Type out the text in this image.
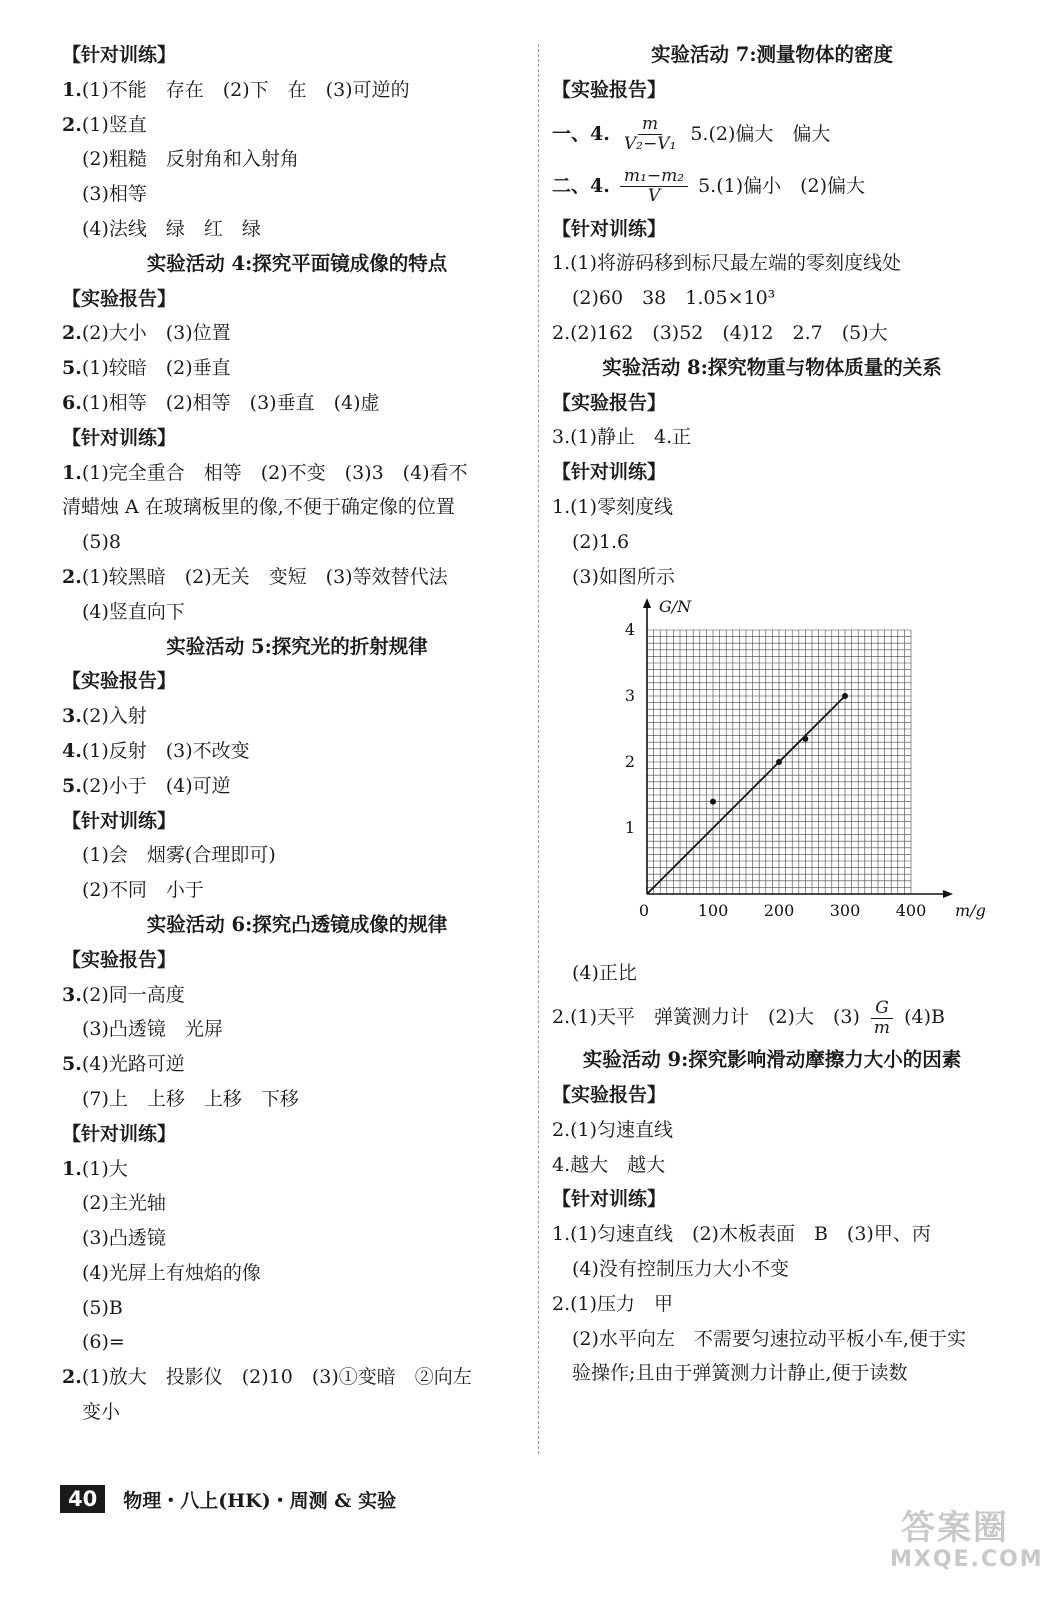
【针对训练】
1.(1)不能　存在　(2)下　在　(3)可逆的
2.(1)竖直
(2)粗糙　反射角和入射角
(3)相等
(4)法线　绿　红　绿
实验活动 4:探究平面镜成像的特点
【实验报告】
2.(2)大小　(3)位置
5.(1)较暗　(2)垂直
6.(1)相等　(2)相等　(3)垂直　(4)虚
【针对训练】
1.(1)完全重合　相等　(2)不变　(3)3　(4)看不
清蜡烛 A 在玻璃板里的像,不便于确定像的位置
(5)8
2.(1)较黑暗　(2)无关　变短　(3)等效替代法
(4)竖直向下
实验活动 5:探究光的折射规律
【实验报告】
3.(2)入射
4.(1)反射　(3)不改变
5.(2)小于　(4)可逆
【针对训练】
(1)会　烟雾(合理即可)
(2)不同　小于
实验活动 6:探究凸透镜成像的规律
【实验报告】
3.(2)同一高度
(3)凸透镜　光屏
5.(4)光路可逆
(7)上　上移　上移　下移
【针对训练】
1.(1)大
(2)主光轴
(3)凸透镜
(4)光屏上有烛焰的像
(5)B
(6)=
2.(1)放大　投影仪　(2)10　(3)①变暗　②向左
变小
实验活动 7:测量物体的密度
【实验报告】
一、4. $\frac{m}{\text{V₂−V₁}} 5.(2)$偏大　偏大
二、4. $\frac{\text{m₁−m₂}}{V} 5.(1)$偏小　(2)偏大
【针对训练】
1.(1)将游码移到标尺最左端的零刻度线处
(2)60　38　1.05×10³
2.(2)162　(3)52　(4)12　2.7　(5)大
实验活动 8:探究物重与物体质量的关系
【实验报告】
3.(1)静止　4.正
【针对训练】
1.(1)零刻度线
(2)1.6
(3)如图所示
0	100 200 300 400
1
2
3
4
m/g
G/N
(4)正比
2.(1)天平　弹簧测力计　(2)大　$(3) \frac{G}{m} (4)B$
实验活动 9:探究影响滑动摩擦力大小的因素
【实验报告】
2.(1)匀速直线
4.越大　越大
【针对训练】
1.(1)匀速直线　(2)木板表面　B　(3)甲、丙
(4)没有控制压力大小不变
2.(1)压力　甲
(2)水平向左　不需要匀速拉动平板小车,便于实
验操作;且由于弹簧测力计静止,便于读数
40	物理・八上(HK)・周测 & 实验
答案圈
MXQE.COM
